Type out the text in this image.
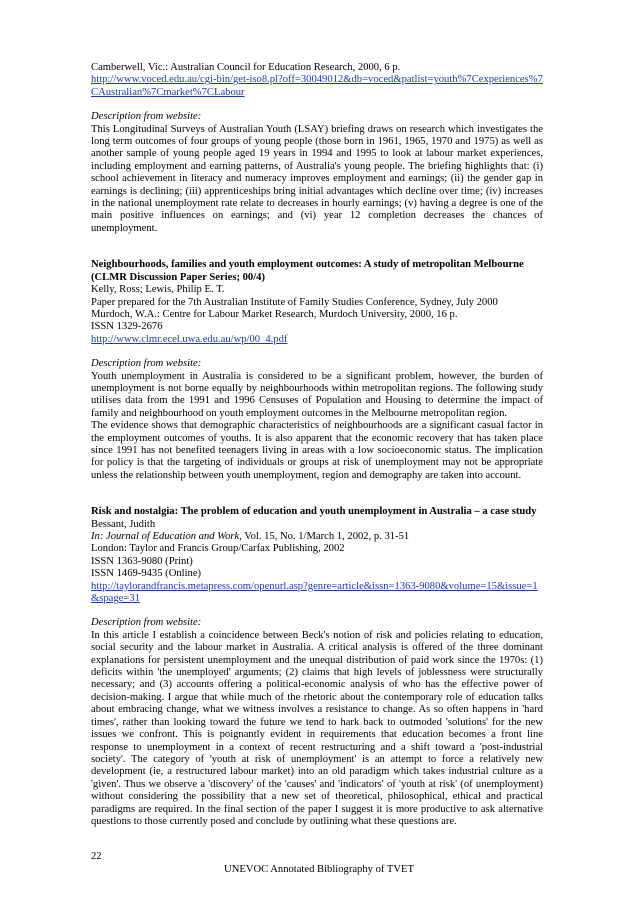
Camberwell, Vic.: Australian Council for Education Research, 2000, 6 p.
http://www.voced.edu.au/cgi-bin/get-iso8.pl?off=30049012&db=voced&patlist=youth%7Cexperiences%7CAustralian%7Cmarket%7CLabour
Description from website:
This Longitudinal Surveys of Australian Youth (LSAY) briefing draws on research which investigates the long term outcomes of four groups of young people (those born in 1961, 1965, 1970 and 1975) as well as another sample of young people aged 19 years in 1994 and 1995 to look at labour market experiences, including employment and earning patterns, of Australia's young people. The briefing highlights that: (i) school achievement in literacy and numeracy improves employment and earnings; (ii) the gender gap in earnings is declining; (iii) apprenticeships bring initial advantages which decline over time; (iv) increases in the national unemployment rate relate to decreases in hourly earnings; (v) having a degree is one of the main positive influences on earnings; and (vi) year 12 completion decreases the chances of unemployment.
Neighbourhoods, families and youth employment outcomes: A study of metropolitan Melbourne (CLMR Discussion Paper Series; 00/4)
Kelly, Ross; Lewis, Philip E. T.
Paper prepared for the 7th Australian Institute of Family Studies Conference, Sydney, July 2000
Murdoch, W.A.: Centre for Labour Market Research, Murdoch University, 2000, 16 p.
ISSN 1329-2676
http://www.clmr.ecel.uwa.edu.au/wp/00_4.pdf
Description from website:
Youth unemployment in Australia is considered to be a significant problem, however, the burden of unemployment is not borne equally by neighbourhoods within metropolitan regions. The following study utilises data from the 1991 and 1996 Censuses of Population and Housing to determine the impact of family and neighbourhood on youth employment outcomes in the Melbourne metropolitan region.
The evidence shows that demographic characteristics of neighbourhoods are a significant casual factor in the employment outcomes of youths. It is also apparent that the economic recovery that has taken place since 1991 has not benefited teenagers living in areas with a low socioeconomic status. The implication for policy is that the targeting of individuals or groups at risk of unemployment may not be appropriate unless the relationship between youth unemployment, region and demography are taken into account.
Risk and nostalgia: The problem of education and youth unemployment in Australia – a case study
Bessant, Judith
In: Journal of Education and Work, Vol. 15, No. 1/March 1, 2002, p. 31-51
London: Taylor and Francis Group/Carfax Publishing, 2002
ISSN 1363-9080 (Print)
ISSN 1469-9435 (Online)
http://taylorandfrancis.metapress.com/openurl.asp?genre=article&issn=1363-9080&volume=15&issue=1&spage=31
Description from website:
In this article I establish a coincidence between Beck's notion of risk and policies relating to education, social security and the labour market in Australia. A critical analysis is offered of the three dominant explanations for persistent unemployment and the unequal distribution of paid work since the 1970s: (1) deficits within 'the unemployed' arguments; (2) claims that high levels of joblessness were structurally necessary; and (3) accounts offering a political-economic analysis of who has the effective power of decision-making. I argue that while much of the rhetoric about the contemporary role of education talks about embracing change, what we witness involves a resistance to change. As so often happens in 'hard times', rather than looking toward the future we tend to hark back to outmoded 'solutions' for the new issues we confront. This is poignantly evident in requirements that education becomes a front line response to unemployment in a context of recent restructuring and a shift toward a 'post-industrial society'. The category of 'youth at risk of unemployment' is an attempt to force a relatively new development (ie, a restructured labour market) into an old paradigm which takes industrial culture as a 'given'. Thus we observe a 'discovery' of the 'causes' and 'indicators' of 'youth at risk' (of unemployment) without considering the possibility that a new set of theoretical, philosophical, ethical and practical paradigms are required. In the final section of the paper I suggest it is more productive to ask alternative questions to those currently posed and conclude by outlining what these questions are.
22
UNEVOC Annotated Bibliography of TVET
